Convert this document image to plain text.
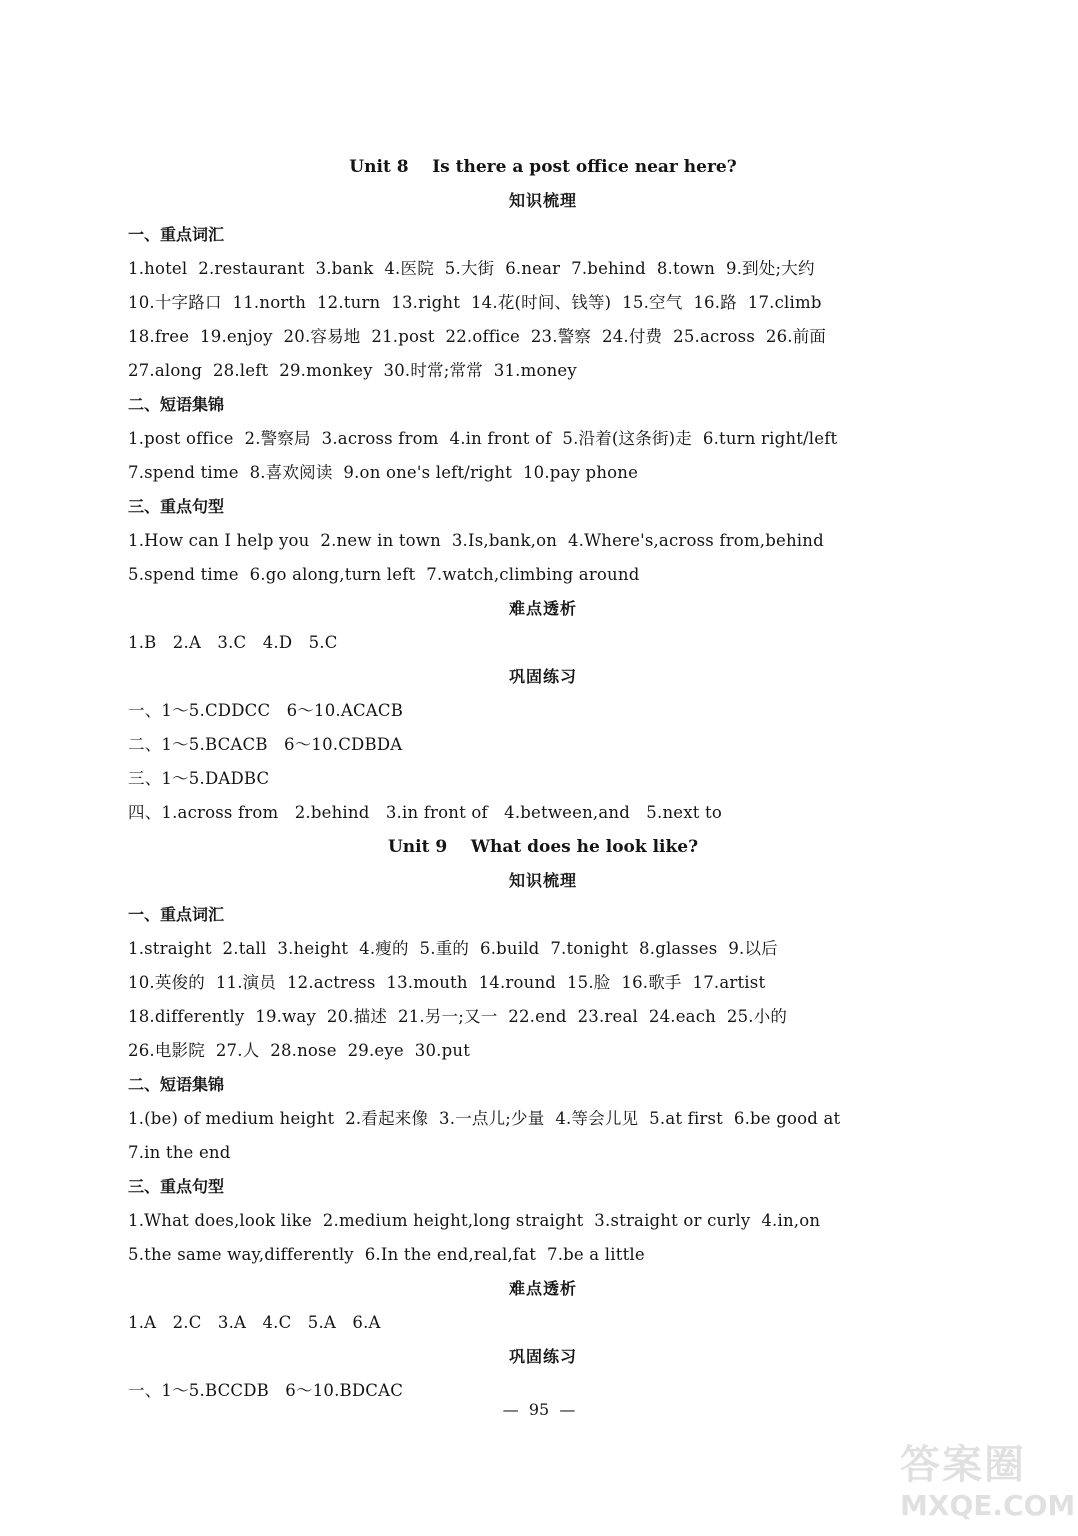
Unit 8    Is there a post office near here?
知识梳理
一、重点词汇
1.hotel  2.restaurant  3.bank  4.医院  5.大街  6.near  7.behind  8.town  9.到处;大约
10.十字路口  11.north  12.turn  13.right  14.花(时间、钱等)  15.空气  16.路  17.climb
18.free  19.enjoy  20.容易地  21.post  22.office  23.警察  24.付费  25.across  26.前面
27.along  28.left  29.monkey  30.时常;常常  31.money
二、短语集锦
1.post office  2.警察局  3.across from  4.in front of  5.沿着(这条街)走  6.turn right/left
7.spend time  8.喜欢阅读  9.on one's left/right  10.pay phone
三、重点句型
1.How can I help you  2.new in town  3.Is,bank,on  4.Where's,across from,behind
5.spend time  6.go along,turn left  7.watch,climbing around
难点透析
1.B   2.A   3.C   4.D   5.C
巩固练习
一、1～5.CDDCC   6～10.ACACB
二、1～5.BCACB   6～10.CDBDA
三、1～5.DADBC
四、1.across from   2.behind   3.in front of   4.between,and   5.next to
Unit 9    What does he look like?
知识梳理
一、重点词汇
1.straight  2.tall  3.height  4.瘦的  5.重的  6.build  7.tonight  8.glasses  9.以后
10.英俊的  11.演员  12.actress  13.mouth  14.round  15.脸  16.歌手  17.artist
18.differently  19.way  20.描述  21.另一;又一  22.end  23.real  24.each  25.小的
26.电影院  27.人  28.nose  29.eye  30.put
二、短语集锦
1.(be) of medium height  2.看起来像  3.一点儿;少量  4.等会儿见  5.at first  6.be good at
7.in the end
三、重点句型
1.What does,look like  2.medium height,long straight  3.straight or curly  4.in,on
5.the same way,differently  6.In the end,real,fat  7.be a little
难点透析
1.A   2.C   3.A   4.C   5.A   6.A
巩固练习
一、1～5.BCCDB   6～10.BDCAC
—  95  —
答案圈
MXQE.COM
